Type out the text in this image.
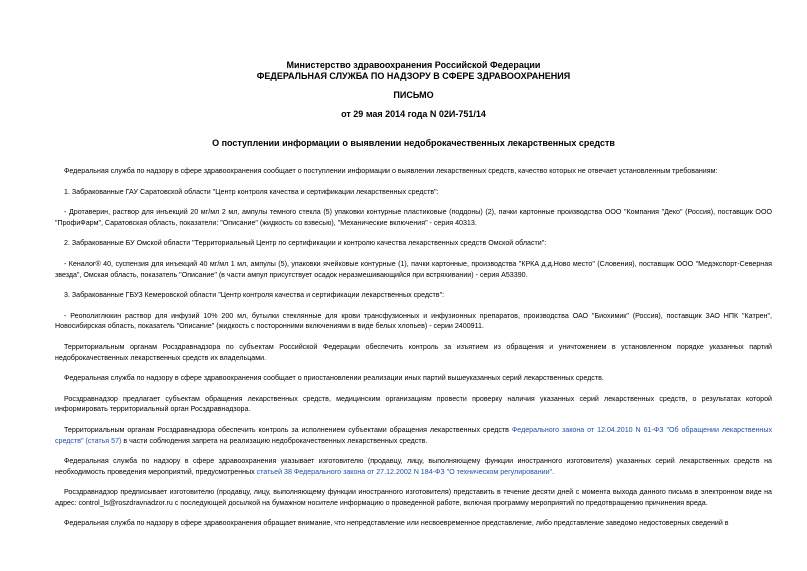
Министерство здравоохранения Российской Федерации
ФЕДЕРАЛЬНАЯ СЛУЖБА ПО НАДЗОРУ В СФЕРЕ ЗДРАВООХРАНЕНИЯ
ПИСЬМО
от 29 мая 2014 года N 02И-751/14
О поступлении информации о выявлении недоброкачественных лекарственных средств

Федеральная служба по надзору в сфере здравоохранения сообщает о поступлении информации о выявлении лекарственных средств, качество которых не отвечает установленным требованиям:

1. Забракованные ГАУ Саратовской области "Центр контроля качества и сертификации лекарственных средств":

- Дротаверин, раствор для инъекций 20 мг/мл 2 мл, ампулы темного стекла (5) упаковки контурные пластиковые (поддоны) (2), пачки картонные производства ООО "Компания "Деко" (Россия), поставщик ООО "ПрофиФарм", Саратовская область, показатели: "Описание" (жидкость со взвесью), "Механические включения" - серия 40313.

2. Забракованные БУ Омской области "Территориальный Центр по сертификации и контролю качества лекарственных средств Омской области":

- Кеналог® 40, суспензия для инъекций 40 мг/мл 1 мл, ампулы (5), упаковки ячейковые контурные (1), пачки картонные, производства "КРКА д.д.Ново место" (Словения), поставщик ООО "Медэкспорт-Северная звезда", Омская область, показатель "Описание" (в части ампул присутствует осадок неразмешивающийся при встряхивании) - серия А53390.

3. Забракованные ГБУЗ Кемеровской области "Центр контроля качества и сертификации лекарственных средств":

- Реополиглюкин раствор для инфузий 10% 200 мл, бутылки стеклянные для крови трансфузионных и инфузионных препаратов, производства ОАО "Биохимик" (Россия), поставщик ЗАО НПК "Катрен", Новосибирская область, показатель "Описание" (жидкость с посторонними включениями в виде белых хлопьев) - серии 2400911.

Территориальным органам Росздравнадзора по субъектам Российской Федерации обеспечить контроль за изъятием из обращения и уничтожением в установленном порядке указанных партий недоброкачественных лекарственных средств их владельцами.

Федеральная служба по надзору в сфере здравоохранения сообщает о приостановлении реализации иных партий вышеуказанных серий лекарственных средств.

Росздравнадзор предлагает субъектам обращения лекарственных средств, медицинским организациям провести проверку наличия указанных серий лекарственных средств, о результатах которой информировать территориальный орган Росздравнадзора.

Территориальным органам Росздравнадзора обеспечить контроль за исполнением субъектами обращения лекарственных средств Федерального закона от 12.04.2010 N 61-ФЗ "Об обращении лекарственных средств" (статья 57) в части соблюдения запрета на реализацию недоброкачественных лекарственных средств.

Федеральная служба по надзору в сфере здравоохранения указывает изготовителю (продавцу, лицу, выполняющему функции иностранного изготовителя) указанных серий лекарственных средств на необходимость проведения мероприятий, предусмотренных статьей 38 Федерального закона от 27.12.2002 N 184-ФЗ "О техническом регулировании".

Росздравнадзор предписывает изготовителю (продавцу, лицу, выполняющему функции иностранного изготовителя) представить в течение десяти дней с момента выхода данного письма в электронном виде на адрес: control_ls@roszdravnadzor.ru с последующей досылкой на бумажном носителе информацию о проведенной работе, включая программу мероприятий по предотвращению причинения вреда.

Федеральная служба по надзору в сфере здравоохранения обращает внимание, что непредставление или несвоевременное представление, либо представление заведомо недостоверных сведений в
